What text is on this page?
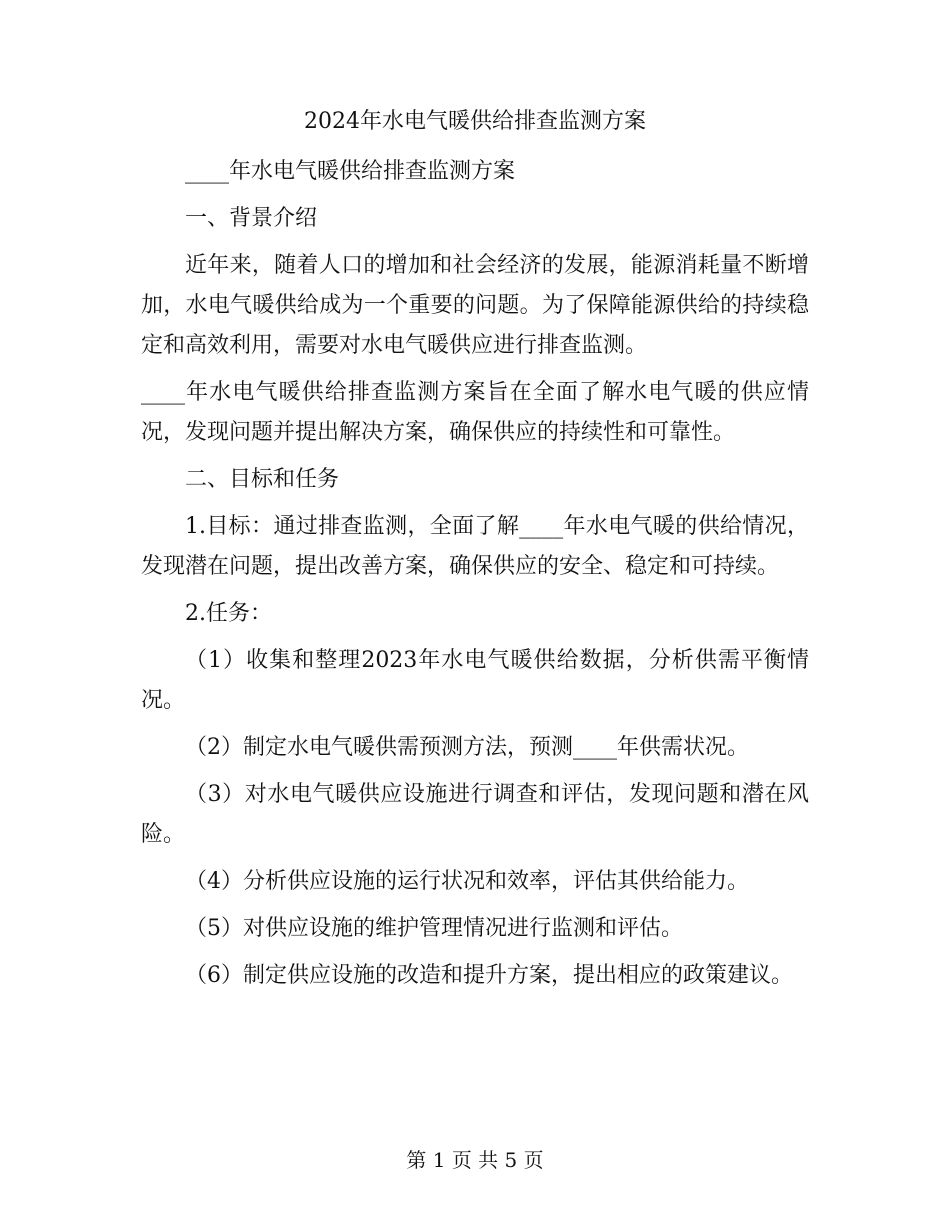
2024年水电气暖供给排查监测方案

____年水电气暖供给排查监测方案

一、背景介绍

近年来，随着人口的增加和社会经济的发展，能源消耗量不断增加，水电气暖供给成为一个重要的问题。为了保障能源供给的持续稳定和高效利用，需要对水电气暖供应进行排查监测。

____年水电气暖供给排查监测方案旨在全面了解水电气暖的供应情况，发现问题并提出解决方案，确保供应的持续性和可靠性。

二、目标和任务

1.目标：通过排查监测，全面了解____年水电气暖的供给情况，发现潜在问题，提出改善方案，确保供应的安全、稳定和可持续。

2.任务：

（1）收集和整理2023年水电气暖供给数据，分析供需平衡情况。

（2）制定水电气暖供需预测方法，预测____年供需状况。

（3）对水电气暖供应设施进行调查和评估，发现问题和潜在风险。

（4）分析供应设施的运行状况和效率，评估其供给能力。

（5）对供应设施的维护管理情况进行监测和评估。

（6）制定供应设施的改造和提升方案，提出相应的政策建议。

第 1 页 共 5 页
